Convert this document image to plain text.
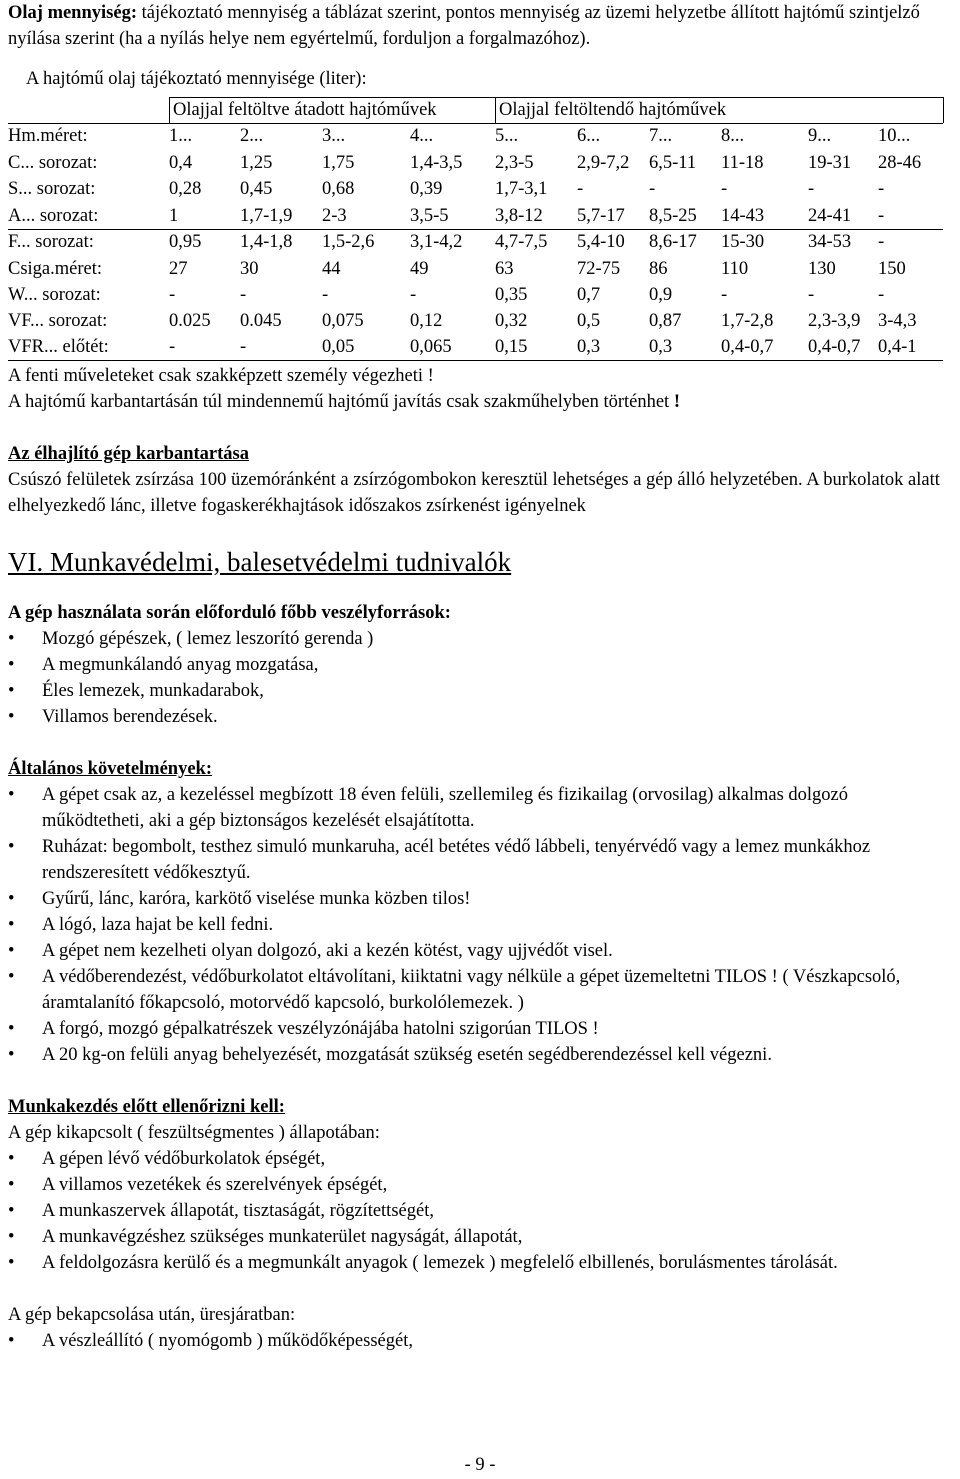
Olaj mennyiség: tájékoztató mennyiség a táblázat szerint, pontos mennyiség az üzemi helyzetbe állított hajtómű szintjelző nyílása szerint (ha a nyílás helye nem egyértelmű, forduljon a forgalmazóhoz).

A hajtómű olaj tájékoztató mennyisége (liter):

Olajjal feltöltve átadott hajtóművek	Olajjal feltöltendő hajtóművek
Hm.méret:	1...	2...	3...	4...	5...	6...	7...	8...	9...	10...
C... sorozat:	0,4	1,25	1,75	1,4-3,5 2,3-5 2,9-7,2 6,5-11 11-18 19-31 28-46
S... sorozat:	0,28 0,45	0,68	0,39	1,7-3,1 -	-	-	-	-
A... sorozat:	1	1,7-1,9 2-3	3,5-5	3,8-12 5,7-17 8,5-25 14-43 24-41 -
F... sorozat:	0,95 1,4-1,8 1,5-2,6 3,1-4,2 4,7-7,5 5,4-10 8,6-17 15-30 34-53 -
Csiga.méret:	27	30	44	49	63	72-75 86	110	130 150
W... sorozat:	-	-	-	-	0,35	0,7	0,9	-	-	-
VF... sorozat:	0.025 0.045 0,075	0,12	0,32	0,5	0,87 1,7-2,8 2,3-3,9 3-4,3
VFR... előtét:	-	-	0,05	0,065 0,15	0,3	0,3	0,4-0,7 0,4-0,7 0,4-1

A fenti műveleteket csak szakképzett személy végezheti !

A hajtómű karbantartásán túl mindennemű hajtómű javítás csak szakműhelyben történhet !

Az élhajlító gép karbantartása

Csúszó felületek zsírzása 100 üzemóránként a zsírzógombokon keresztül lehetséges a gép álló helyzetében. A burkolatok alatt elhelyezkedő lánc, illetve fogaskerékhajtások időszakos zsírkenést igényelnek

VI. Munkavédelmi, balesetvédelmi tudnivalók

A gép használata során előforduló főbb veszélyforrások:

• Mozgó gépészek, ( lemez leszorító gerenda )
• A megmunkálandó anyag mozgatása,
• Éles lemezek, munkadarabok,
• Villamos berendezések.

Általános követelmények:

• A gépet csak az, a kezeléssel megbízott 18 éven felüli, szellemileg és fizikailag (orvosilag) alkalmas dolgozó működtetheti, aki a gép biztonságos kezelését elsajátította.
• Ruházat: begombolt, testhez simuló munkaruha, acél betétes védő lábbeli, tenyérvédő vagy a lemez munkákhoz rendszeresített védőkesztyű.
• Gyűrű, lánc, karóra, karkötő viselése munka közben tilos!
• A lógó, laza hajat be kell fedni.
• A gépet nem kezelheti olyan dolgozó, aki a kezén kötést, vagy ujjvédőt visel.
• A védőberendezést, védőburkolatot eltávolítani, kiiktatni vagy nélküle a gépet üzemeltetni TILOS ! ( Vészkapcsoló, áramtalanító főkapcsoló, motorvédő kapcsoló, burkolólemezek. )
• A forgó, mozgó gépalkatrészek veszélyzónájába hatolni szigorúan TILOS !
• A 20 kg-on felüli anyag behelyezését, mozgatását szükség esetén segédberendezéssel kell végezni.

Munkakezdés előtt ellenőrizni kell:

A gép kikapcsolt ( feszültségmentes ) állapotában:

• A gépen lévő védőburkolatok épségét,
• A villamos vezetékek és szerelvények épségét,
• A munkaszervek állapotát, tisztaságát, rögzítettségét,
• A munkavégzéshez szükséges munkaterület nagyságát, állapotát,
• A feldolgozásra kerülő és a megmunkált anyagok ( lemezek ) megfelelő elbillenés, borulásmentes tárolását.

A gép bekapcsolása után, üresjáratban:

• A vészleállító ( nyomógomb ) működőképességét,
- 9 -
